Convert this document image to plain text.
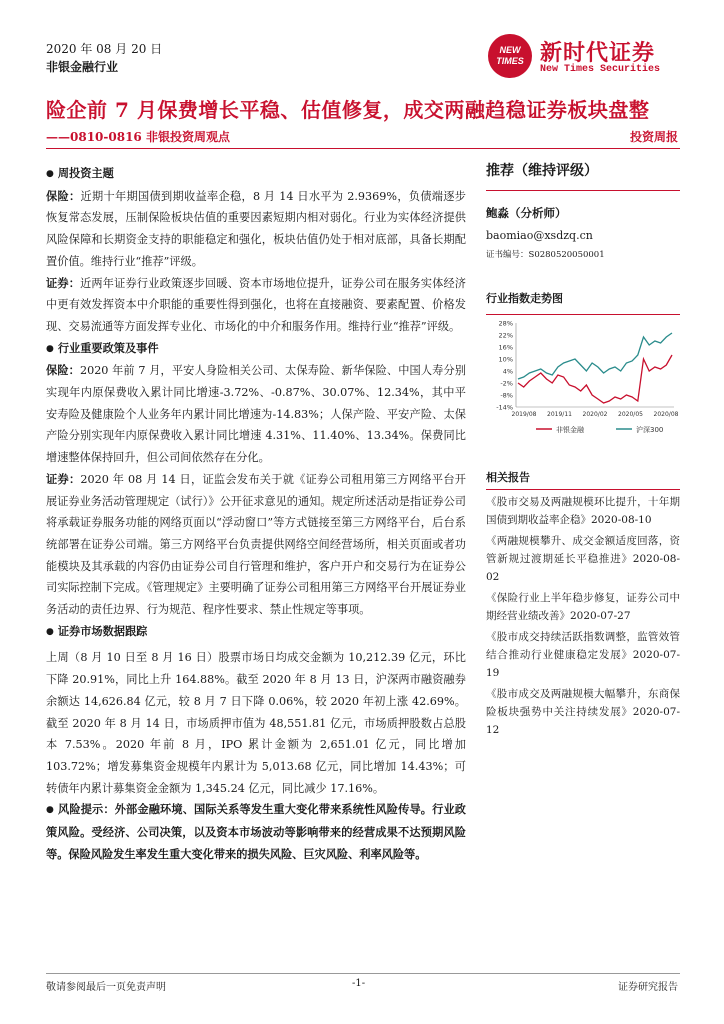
2020 年 08 月 20 日
非银金融行业
NEW TIMES 新时代证券
New Times Securities
险企前 7 月保费增长平稳、估值修复，成交两融趋稳证券板块盘整
——0810-0816 非银投资周观点	投资周报

● 周投资主题

保险：近期十年期国债到期收益率企稳，8 月 14 日水平为 2.9369%，负债端逐步恢复常态发展，压制保险板块估值的重要因素短期内相对弱化。行业为实体经济提供风险保障和长期资金支持的职能稳定和强化，板块估值仍处于相对底部，具备长期配置价值。维持行业“推荐”评级。

证券：近两年证券行业政策逐步回暖、资本市场地位提升，证券公司在服务实体经济中更有效发挥资本中介职能的重要性得到强化，也将在直接融资、要素配置、价格发现、交易流通等方面发挥专业化、市场化的中介和服务作用。维持行业“推荐”评级。

● 行业重要政策及事件

保险：2020 年前 7 月，平安人身险相关公司、太保寿险、新华保险、中国人寿分别实现年内原保费收入累计同比增速-3.72%、-0.87%、30.07%、12.34%，其中平安寿险及健康险个人业务年内累计同比增速为-14.83%；人保产险、平安产险、太保产险分别实现年内原保费收入累计同比增速 4.31%、11.40%、13.34%。保费同比增速整体保持回升，但公司间依然存在分化。

证券：2020 年 08 月 14 日，证监会发布关于就《证券公司租用第三方网络平台开展证券业务活动管理规定（试行）》公开征求意见的通知。规定所述活动是指证券公司将承载证券服务功能的网络页面以“浮动窗口”等方式链接至第三方网络平台，后台系统部署在证券公司端。第三方网络平台负责提供网络空间经营场所，相关页面或者功能模块及其承载的内容仍由证券公司自行管理和维护，客户开户和交易行为在证券公司实际控制下完成。《管理规定》主要明确了证券公司租用第三方网络平台开展证券业务活动的责任边界、行为规范、程序性要求、禁止性规定等事项。

● 证券市场数据跟踪

上周（8 月 10 日至 8 月 16 日）股票市场日均成交金额为 10,212.39 亿元，环比下降 20.91%，同比上升 164.88%。截至 2020 年 8 月 13 日，沪深两市融资融券余额达 14,626.84 亿元，较 8 月 7 日下降 0.06%，较 2020 年初上涨 42.69%。截至 2020 年 8 月 14 日，市场质押市值为 48,551.81 亿元，市场质押股数占总股本 7.53%。2020 年前 8 月，IPO 累计金额为 2,651.01 亿元，同比增加 103.72%；增发募集资金规模年内累计为 5,013.68 亿元，同比增加 14.43%；可转债年内累计募集资金金额为 1,345.24 亿元，同比减少 17.16%。

● 风险提示：外部金融环境、国际关系等发生重大变化带来系统性风险传导。行业政策风险。受经济、公司决策，以及资本市场波动等影响带来的经营成果不达预期风险等。保险风险发生率发生重大变化带来的损失风险、巨灾风险、利率风险等。

推荐（维持评级）
鲍淼（分析师）
baomiao@xsdzq.cn
证书编号：S0280520050001
行业指数走势图
28%
22%
16%
10%
4%
-2%
-8%
-14%
2019/08 2019/11 2020/02 2020/05 2020/08
非银金融	沪深300
相关报告
《股市交易及两融规模环比提升，十年期国债到期收益率企稳》2020-08-10
《两融规模攀升、成交金额适度回落，资管新规过渡期延长平稳推进》2020-08-02
《保险行业上半年稳步修复，证券公司中期经营业绩改善》2020-07-27
《股市成交持续活跃指数调整，监管效管结合推动行业健康稳定发展》2020-07-19
《股市成交及两融规模大幅攀升，东商保险板块强势中关注持续发展》2020-07-12
敬请参阅最后一页免责声明	-1-	证券研究报告
